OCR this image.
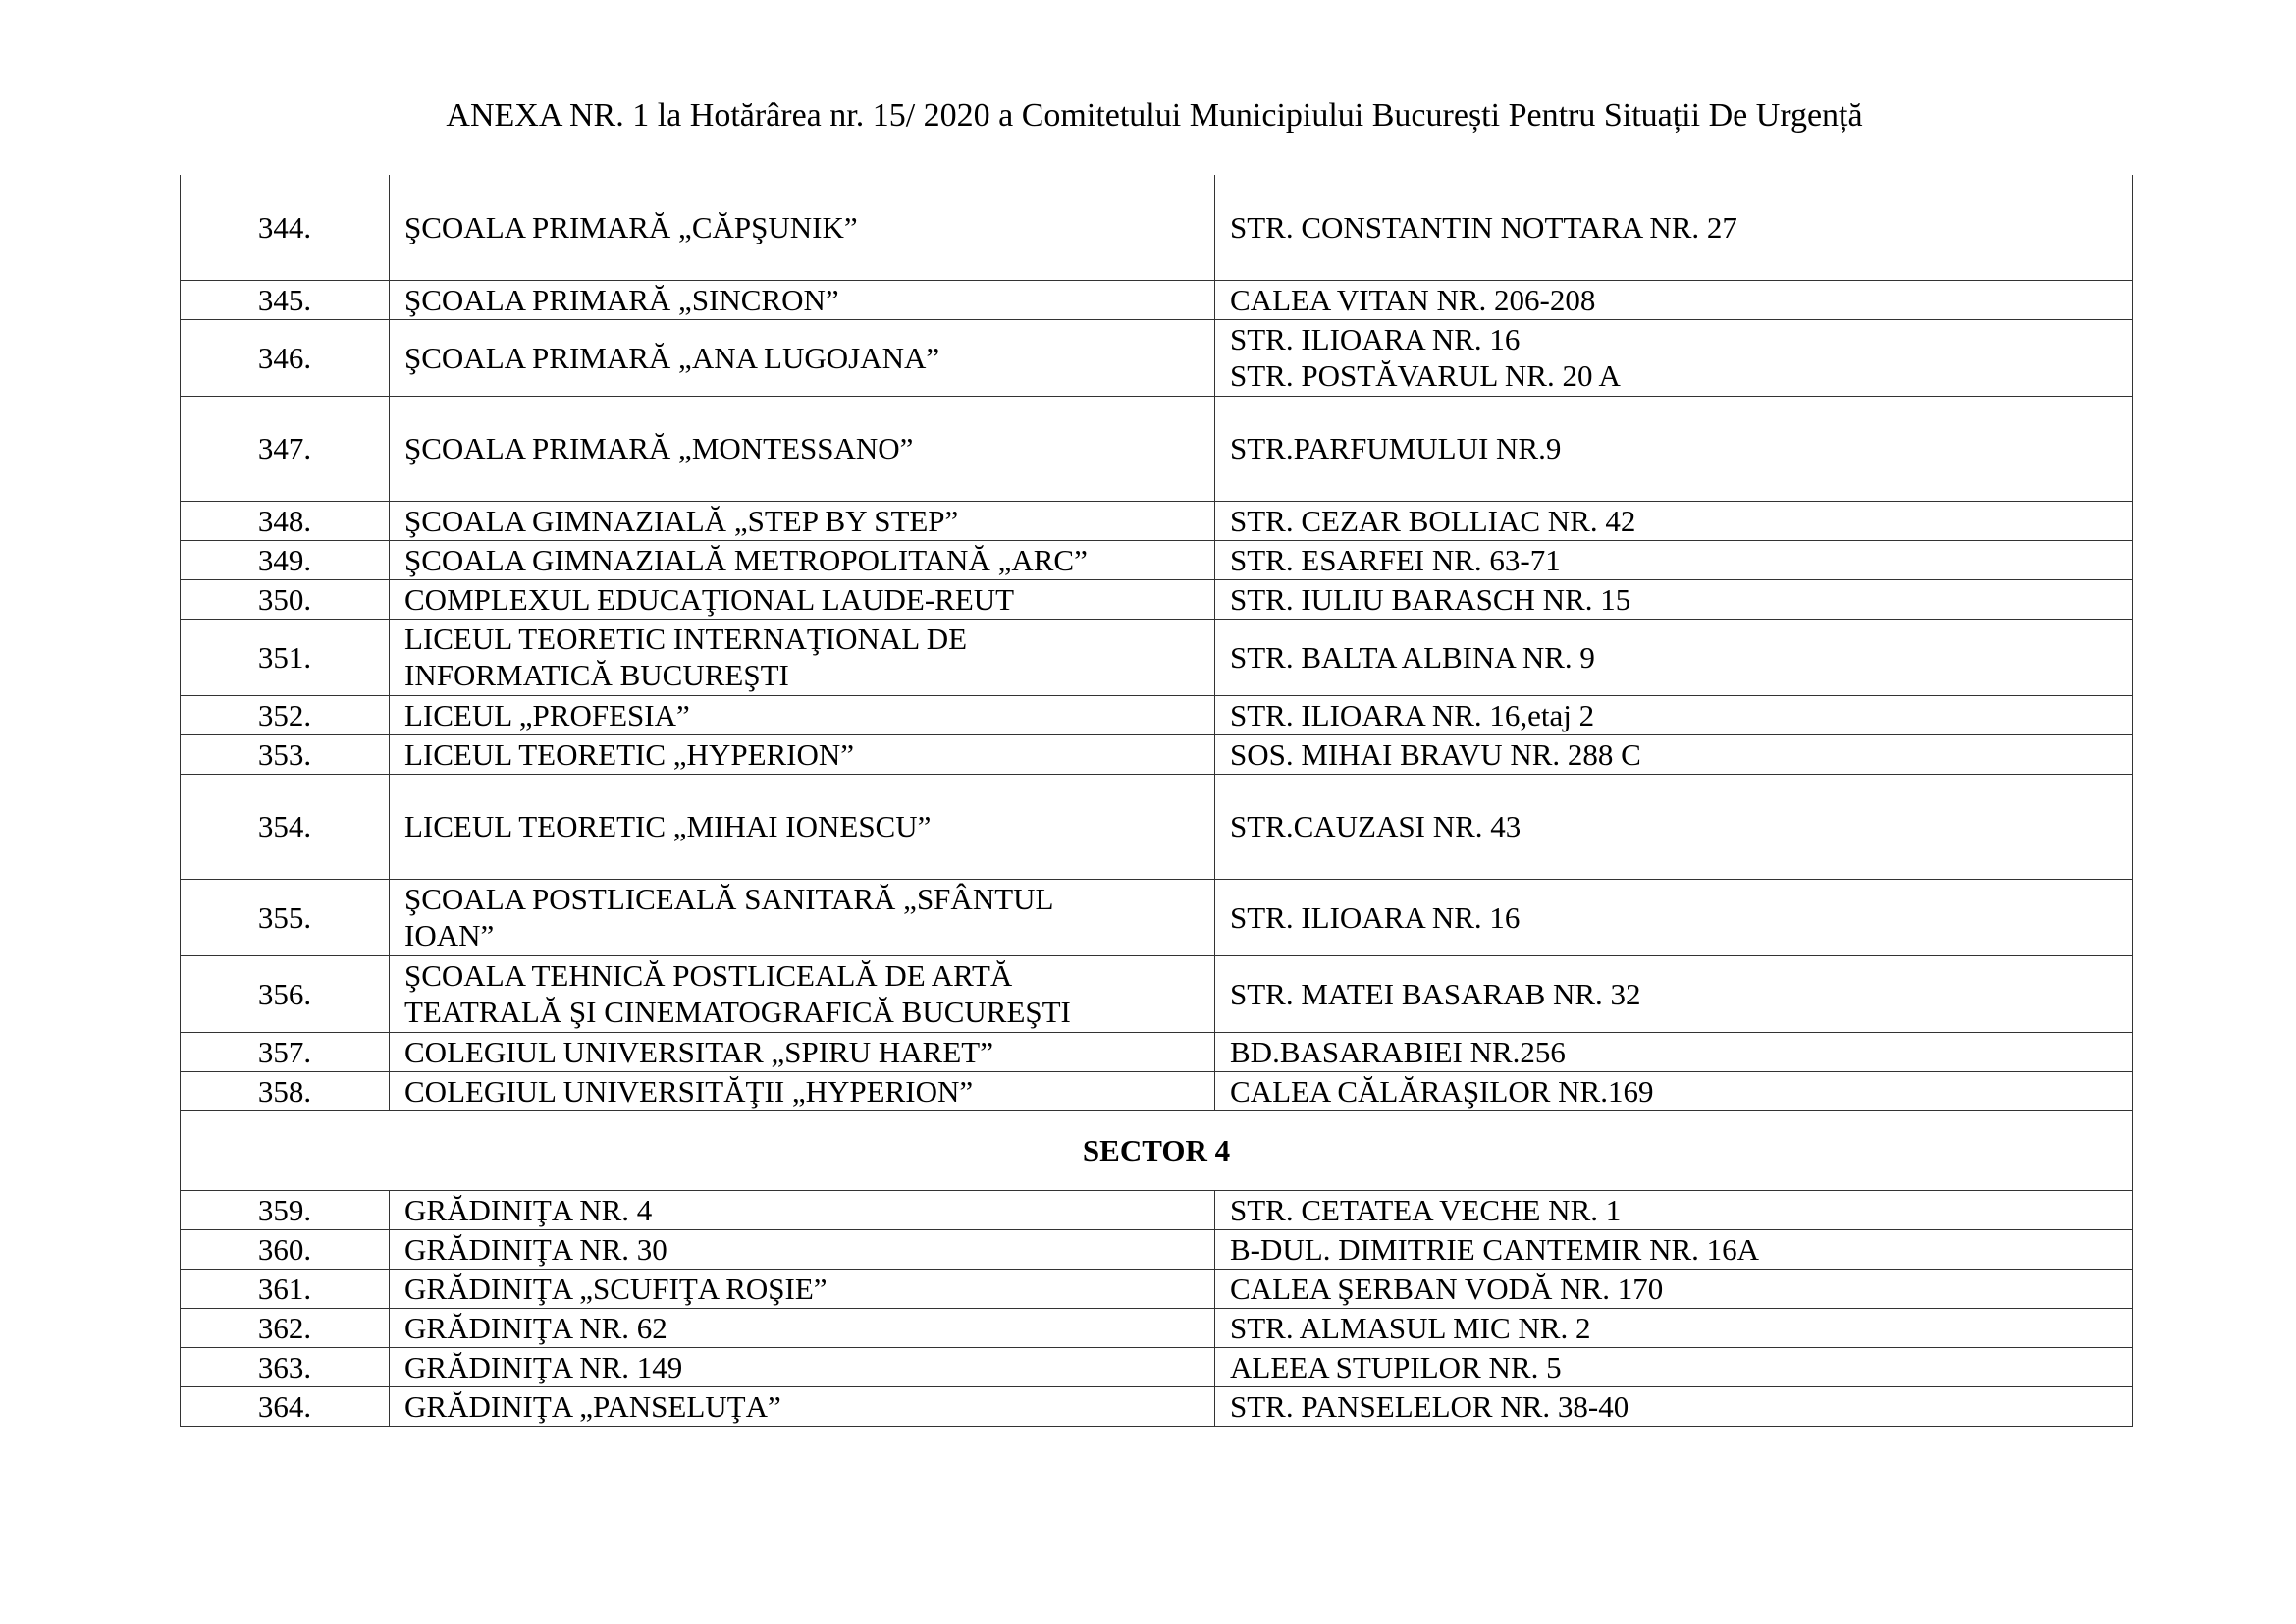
ANEXA NR. 1 la Hotărârea nr. 15/ 2020 a Comitetului Municipiului București Pentru Situații De Urgență
344.	ŞCOALA PRIMARĂ „CĂPŞUNIK”	STR. CONSTANTIN NOTTARA NR. 27

345.	ŞCOALA PRIMARĂ „SINCRON”	CALEA VITAN NR. 206-208

346.	ŞCOALA PRIMARĂ „ANA LUGOJANA”	STR. ILIOARA NR. 16
STR. POSTĂVARUL NR. 20 A

347.	ŞCOALA PRIMARĂ „MONTESSANO”	STR.PARFUMULUI NR.9

348.	ŞCOALA GIMNAZIALĂ „STEP BY STEP”	STR. CEZAR BOLLIAC NR. 42

349.	ŞCOALA GIMNAZIALĂ METROPOLITANĂ „ARC”	STR. ESARFEI NR. 63-71

350.	COMPLEXUL EDUCAŢIONAL LAUDE-REUT	STR. IULIU BARASCH NR. 15

351.	LICEUL TEORETIC INTERNAŢIONAL DE
INFORMATICĂ BUCUREŞTI	STR. BALTA ALBINA NR. 9

352.	LICEUL „PROFESIA”	STR. ILIOARA NR. 16,etaj 2

353.	LICEUL TEORETIC „HYPERION”	SOS. MIHAI BRAVU NR. 288 C

354.	LICEUL TEORETIC „MIHAI IONESCU”	STR.CAUZASI NR. 43

355.	ŞCOALA POSTLICEALĂ SANITARĂ „SFÂNTUL
IOAN”	STR. ILIOARA NR. 16

356.	ŞCOALA TEHNICĂ POSTLICEALĂ DE ARTĂ
TEATRALĂ ŞI CINEMATOGRAFICĂ BUCUREŞTI	STR. MATEI BASARAB NR. 32

357.	COLEGIUL UNIVERSITAR „SPIRU HARET”	BD.BASARABIEI NR.256

358.	COLEGIUL UNIVERSITĂŢII „HYPERION”	CALEA CĂLĂRAŞILOR NR.169

SECTOR 4		
359.	GRĂDINIŢA NR. 4	STR. CETATEA VECHE NR. 1

360.	GRĂDINIŢA NR. 30	B-DUL. DIMITRIE CANTEMIR NR. 16A

361.	GRĂDINIŢA „SCUFIŢA ROŞIE”	CALEA ŞERBAN VODĂ NR. 170

362.	GRĂDINIŢA NR. 62	STR. ALMASUL MIC NR. 2

363.	GRĂDINIŢA NR. 149	ALEEA STUPILOR NR. 5

364.	GRĂDINIŢA „PANSELUŢA”	STR. PANSELELOR NR. 38-40
